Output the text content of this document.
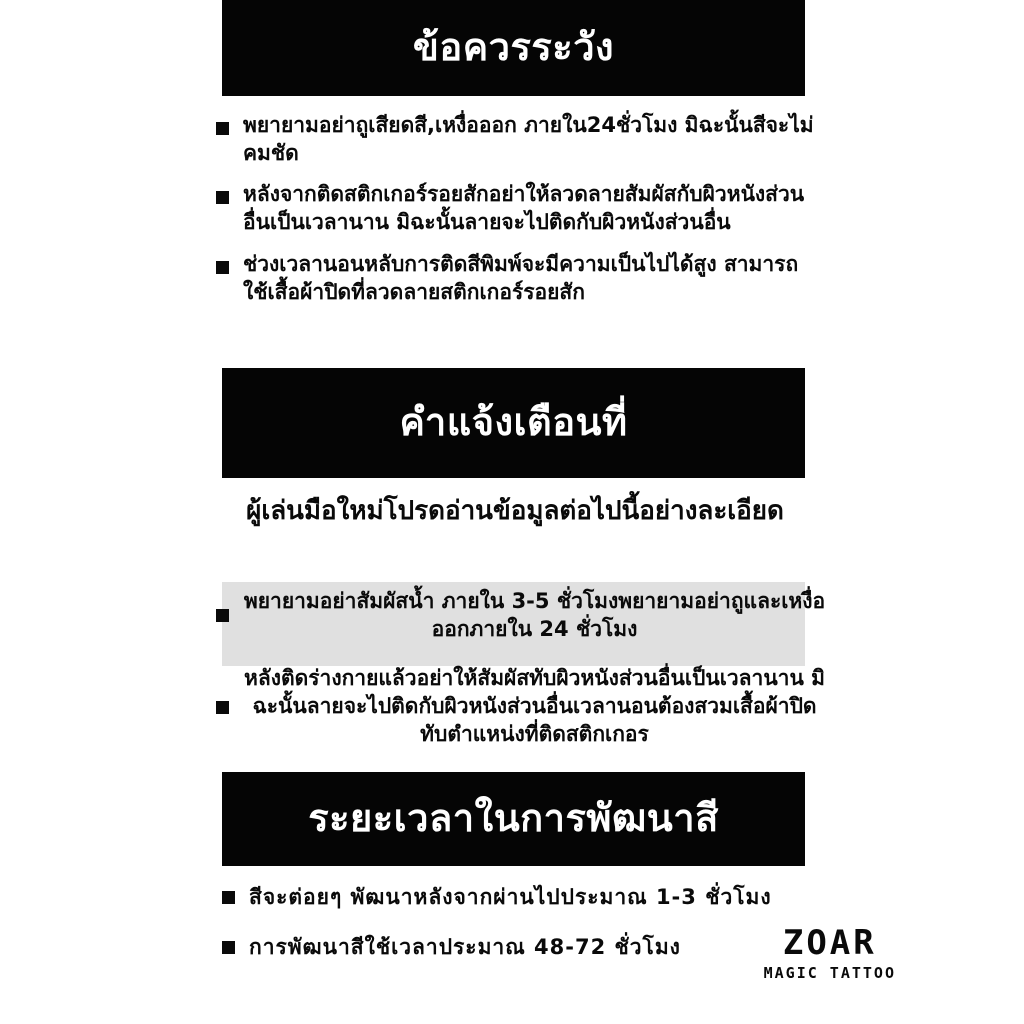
ข้อควรระวัง
พยายามอย่าถูเสียดสี,เหงื่อออก ภายใน24ชั่วโมง มิฉะนั้นสีจะไม่คมชัด
หลังจากติดสติกเกอร์รอยสักอย่าให้ลวดลายสัมผัสกับผิวหนังส่วนอื่นเป็นเวลานาน มิฉะนั้นลายจะไปติดกับผิวหนังส่วนอื่น
ช่วงเวลานอนหลับการติดสีพิมพ์จะมีความเป็นไปได้สูง สามารถใช้เสื้อผ้าปิดที่ลวดลายสติกเกอร์รอยสัก
คำแจ้งเตือนที่
ผู้เล่นมือใหม่โปรดอ่านข้อมูลต่อไปนี้อย่างละเอียด
พยายามอย่าสัมผัสน้ำ ภายใน 3-5 ชั่วโมงพยายามอย่าถูและเหงื่อออกภายใน 24 ชั่วโมง
หลังติดร่างกายแล้วอย่าให้สัมผัสทับผิวหนังส่วนอื่นเป็นเวลานาน มิฉะนั้นลายจะไปติดกับผิวหนังส่วนอื่นเวลานอนต้องสวมเสื้อผ้าปิดทับตำแหน่งที่ติดสติกเกอร
ระยะเวลาในการพัฒนาสี
สีจะต่อยๆ พัฒนาหลังจากผ่านไปประมาณ 1-3 ชั่วโมง
การพัฒนาสีใช้เวลาประมาณ 48-72 ชั่วโมง	ZOAR
MAGIC TATTOO
